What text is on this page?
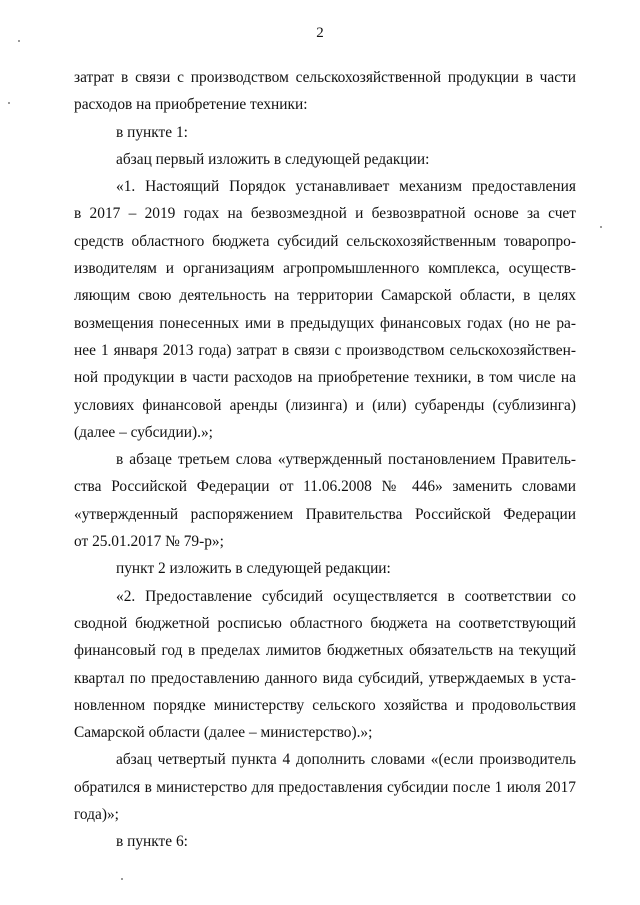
2
затрат в связи с производством сельскохозяйственной продукции в части
расходов на приобретение техники:
в пункте 1:
абзац первый изложить в следующей редакции:
«1. Настоящий Порядок устанавливает механизм предоставления
в 2017 – 2019 годах на безвозмездной и безвозвратной основе за счет
средств областного бюджета субсидий сельскохозяйственным товаропро-
изводителям и организациям агропромышленного комплекса, осуществ-
ляющим свою деятельность на территории Самарской области, в целях
возмещения понесенных ими в предыдущих финансовых годах (но не ра-
нее 1 января 2013 года) затрат в связи с производством сельскохозяйствен-
ной продукции в части расходов на приобретение техники, в том числе на
условиях финансовой аренды (лизинга) и (или) субаренды (сублизинга)
(далее – субсидии).»;
в абзаце третьем слова «утвержденный постановлением Правитель-
ства Российской Федерации от 11.06.2008 № 446» заменить словами
«утвержденный распоряжением Правительства Российской Федерации
от 25.01.2017 № 79-р»;
пункт 2 изложить в следующей редакции:
«2. Предоставление субсидий осуществляется в соответствии со
сводной бюджетной росписью областного бюджета на соответствующий
финансовый год в пределах лимитов бюджетных обязательств на текущий
квартал по предоставлению данного вида субсидий, утверждаемых в уста-
новленном порядке министерству сельского хозяйства и продовольствия
Самарской области (далее – министерство).»;
абзац четвертый пункта 4 дополнить словами «(если производитель
обратился в министерство для предоставления субсидии после 1 июля 2017
года)»;
в пункте 6:
